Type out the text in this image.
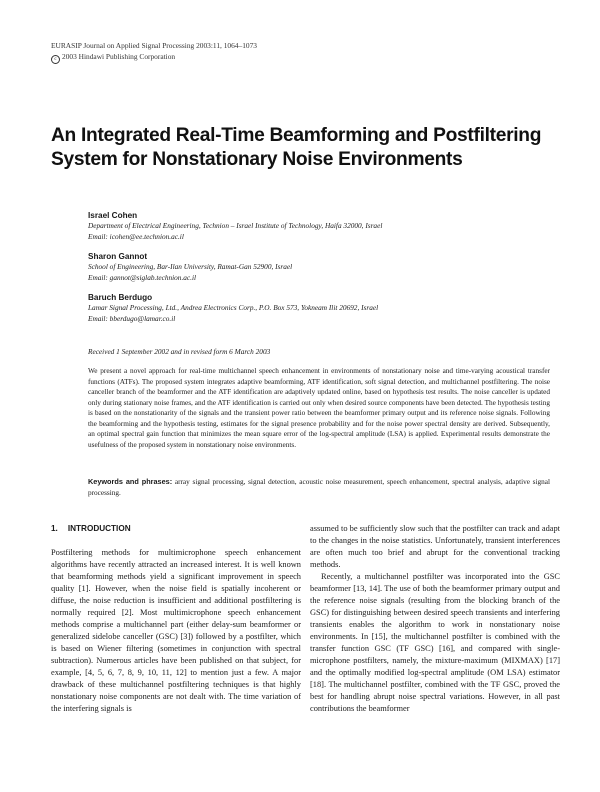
EURASIP Journal on Applied Signal Processing 2003:11, 1064–1073
c 2003 Hindawi Publishing Corporation
An Integrated Real-Time Beamforming and Postfiltering
System for Nonstationary Noise Environments
Israel Cohen
Department of Electrical Engineering, Technion – Israel Institute of Technology, Haifa 32000, Israel
Email: icohen@ee.technion.ac.il
Sharon Gannot
School of Engineering, Bar-Ilan University, Ramat-Gan 52900, Israel
Email: gannot@siglab.technion.ac.il
Baruch Berdugo
Lamar Signal Processing, Ltd., Andrea Electronics Corp., P.O. Box 573, Yokneam Ilit 20692, Israel
Email: bberdugo@lamar.co.il
Received 1 September 2002 and in revised form 6 March 2003
We present a novel approach for real-time multichannel speech enhancement in environments of nonstationary noise and time-varying acoustical transfer functions (ATFs). The proposed system integrates adaptive beamforming, ATF identification, soft signal detection, and multichannel postfiltering. The noise canceller branch of the beamformer and the ATF identification are adaptively updated online, based on hypothesis test results. The noise canceller is updated only during stationary noise frames, and the ATF identification is carried out only when desired source components have been detected. The hypothesis testing is based on the nonstationarity of the signals and the transient power ratio between the beamformer primary output and its reference noise signals. Following the beamforming and the hypothesis testing, estimates for the signal presence probability and for the noise power spectral density are derived. Subsequently, an optimal spectral gain function that minimizes the mean square error of the log-spectral amplitude (LSA) is applied. Experimental results demonstrate the usefulness of the proposed system in nonstationary noise environments.
Keywords and phrases: array signal processing, signal detection, acoustic noise measurement, speech enhancement, spectral analysis, adaptive signal processing.
1. INTRODUCTION

Postfiltering methods for multimicrophone speech enhancement algorithms have recently attracted an increased interest. It is well known that beamforming methods yield a significant improvement in speech quality [1]. However, when the noise field is spatially incoherent or diffuse, the noise reduction is insufficient and additional postfiltering is normally required [2]. Most multimicrophone speech enhancement methods comprise a multichannel part (either delay-sum beamformer or generalized sidelobe canceller (GSC) [3]) followed by a postfilter, which is based on Wiener filtering (sometimes in conjunction with spectral subtraction). Numerous articles have been published on that subject, for example, [4, 5, 6, 7, 8, 9, 10, 11, 12] to mention just a few. A major drawback of these multichannel postfiltering techniques is that highly nonstationary noise components are not dealt with. The time variation of the interfering signals is

assumed to be sufficiently slow such that the postfilter can track and adapt to the changes in the noise statistics. Unfortunately, transient interferences are often much too brief and abrupt for the conventional tracking methods.

Recently, a multichannel postfilter was incorporated into the GSC beamformer [13, 14]. The use of both the beamformer primary output and the reference noise signals (resulting from the blocking branch of the GSC) for distinguishing between desired speech transients and interfering transients enables the algorithm to work in nonstationary noise environments. In [15], the multichannel postfilter is combined with the transfer function GSC (TF GSC) [16], and compared with single-microphone postfilters, namely, the mixture-maximum (MIXMAX) [17] and the optimally modified log-spectral amplitude (OM LSA) estimator [18]. The multichannel postfilter, combined with the TF GSC, proved the best for handling abrupt noise spectral variations. However, in all past contributions the beamformer
